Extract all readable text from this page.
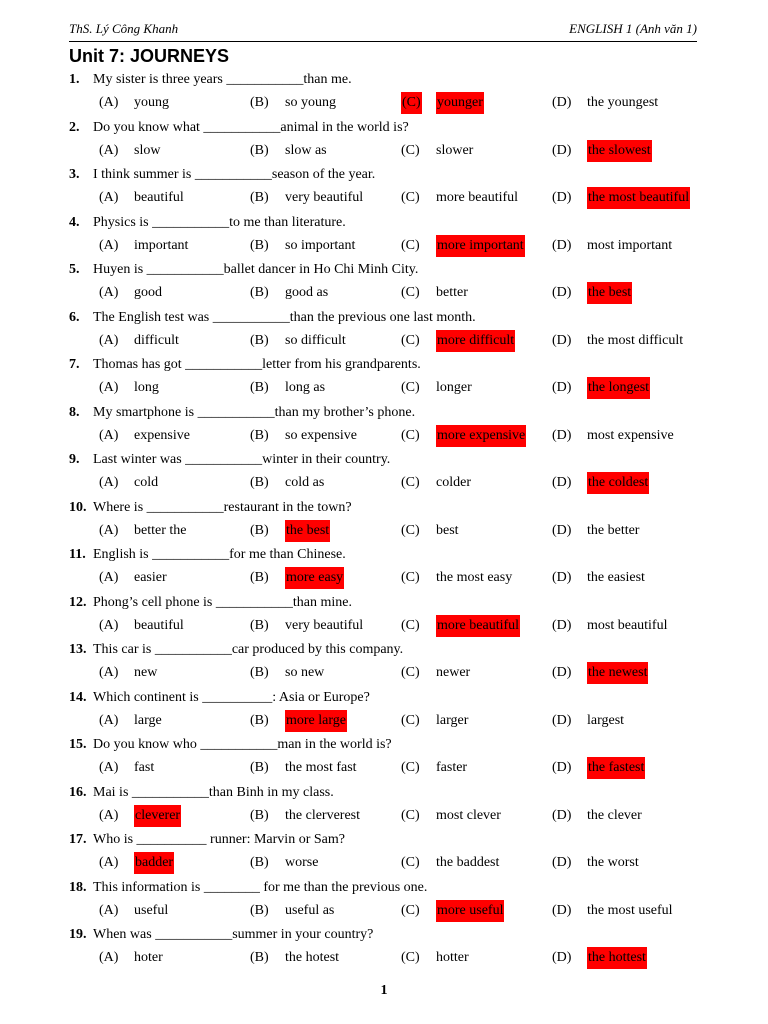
ThS. Lý Công Khanh	ENGLISH 1 (Anh văn 1)
Unit 7: JOURNEYS
1. My sister is three years ___________than me.
(A) young	(B) so young	(C) younger	(D) the youngest
2. Do you know what ___________animal in the world is?
(A) slow	(B) slow as	(C) slower	(D) the slowest
3. I think summer is ___________season of the year.
(A) beautiful	(B) very beautiful	(C) more beautiful (D) the most beautiful
4. Physics is ___________to me than literature.
(A) important	(B) so important	(C) more important (D) most important
5. Huyen is ___________ballet dancer in Ho Chi Minh City.
(A) good	(B) good as	(C) better	(D) the best
6. The English test was ___________than the previous one last month.
(A) difficult	(B) so difficult	(C) more difficult	(D) the most difficult
7. Thomas has got ___________letter from his grandparents.
(A) long	(B) long as	(C) longer	(D) the longest
8. My smartphone is ___________than my brother’s phone.
(A) expensive	(B) so expensive	(C) more expensive (D) most expensive
9. Last winter was ___________winter in their country.
(A) cold	(B) cold as	(C) colder	(D) the coldest
10. Where is ___________restaurant in the town?
(A) better the	(B) the best	(C) best	(D) the better
11. English is ___________for me than Chinese.
(A) easier	(B) more easy	(C) the most easy	(D) the easiest
12. Phong’s cell phone is ___________than mine.
(A) beautiful	(B) very beautiful	(C) more beautiful (D) most beautiful
13. This car is ___________car produced by this company.
(A) new	(B) so new	(C) newer	(D) the newest
14. Which continent is __________: Asia or Europe?
(A) large	(B) more large	(C) larger	(D) largest
15. Do you know who ___________man in the world is?
(A) fast	(B) the most fast	(C) faster	(D) the fastest
16. Mai is ___________than Binh in my class.
(A) cleverer	(B) the clerverest	(C) most clever	(D) the clever
17. Who is __________ runner: Marvin or Sam?
(A) badder	(B) worse	(C) the baddest	(D) the worst
18. This information is ________ for me than the previous one.
(A) useful	(B) useful as	(C) more useful	(D) the most useful
19. When was ___________summer in your country?
(A) hoter	(B) the hotest	(C) hotter	(D) the hottest
1
